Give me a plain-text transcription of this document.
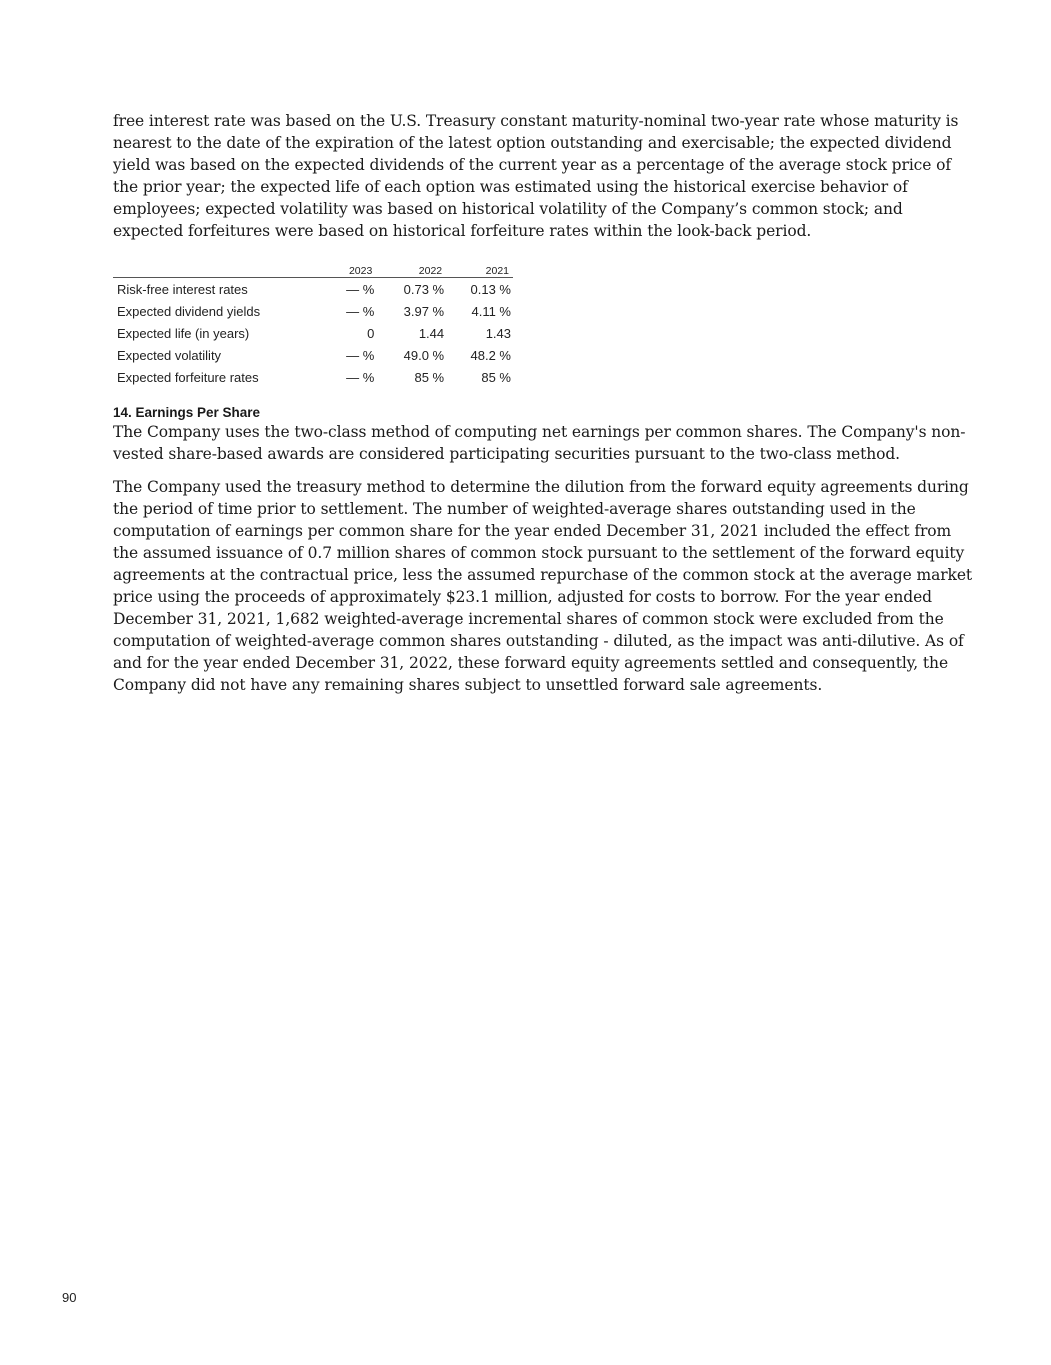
free interest rate was based on the U.S. Treasury constant maturity-nominal two-year rate whose maturity is nearest to the date of the expiration of the latest option outstanding and exercisable; the expected dividend yield was based on the expected dividends of the current year as a percentage of the average stock price of the prior year; the expected life of each option was estimated using the historical exercise behavior of employees; expected volatility was based on historical volatility of the Company’s common stock; and expected forfeitures were based on historical forfeiture rates within the look-back period.

	2023	2022	2021
Risk-free interest rates	— %	0.73 %	0.13 %
Expected dividend yields	— %	3.97 %	4.11 %
Expected life (in years)	0	1.44	1.43
Expected volatility	— %	49.0 %	48.2 %
Expected forfeiture rates	— %	85 %	85 %
14. Earnings Per Share

The Company uses the two-class method of computing net earnings per common shares. The Company's non-vested share-based awards are considered participating securities pursuant to the two-class method.

The Company used the treasury method to determine the dilution from the forward equity agreements during the period of time prior to settlement. The number of weighted-average shares outstanding used in the computation of earnings per common share for the year ended December 31, 2021 included the effect from the assumed issuance of 0.7 million shares of common stock pursuant to the settlement of the forward equity agreements at the contractual price, less the assumed repurchase of the common stock at the average market price using the proceeds of approximately $23.1 million, adjusted for costs to borrow. For the year ended December 31, 2021, 1,682 weighted-average incremental shares of common stock were excluded from the computation of weighted-average common shares outstanding - diluted, as the impact was anti-dilutive. As of and for the year ended December 31, 2022, these forward equity agreements settled and consequently, the Company did not have any remaining shares subject to unsettled forward sale agreements.

90
